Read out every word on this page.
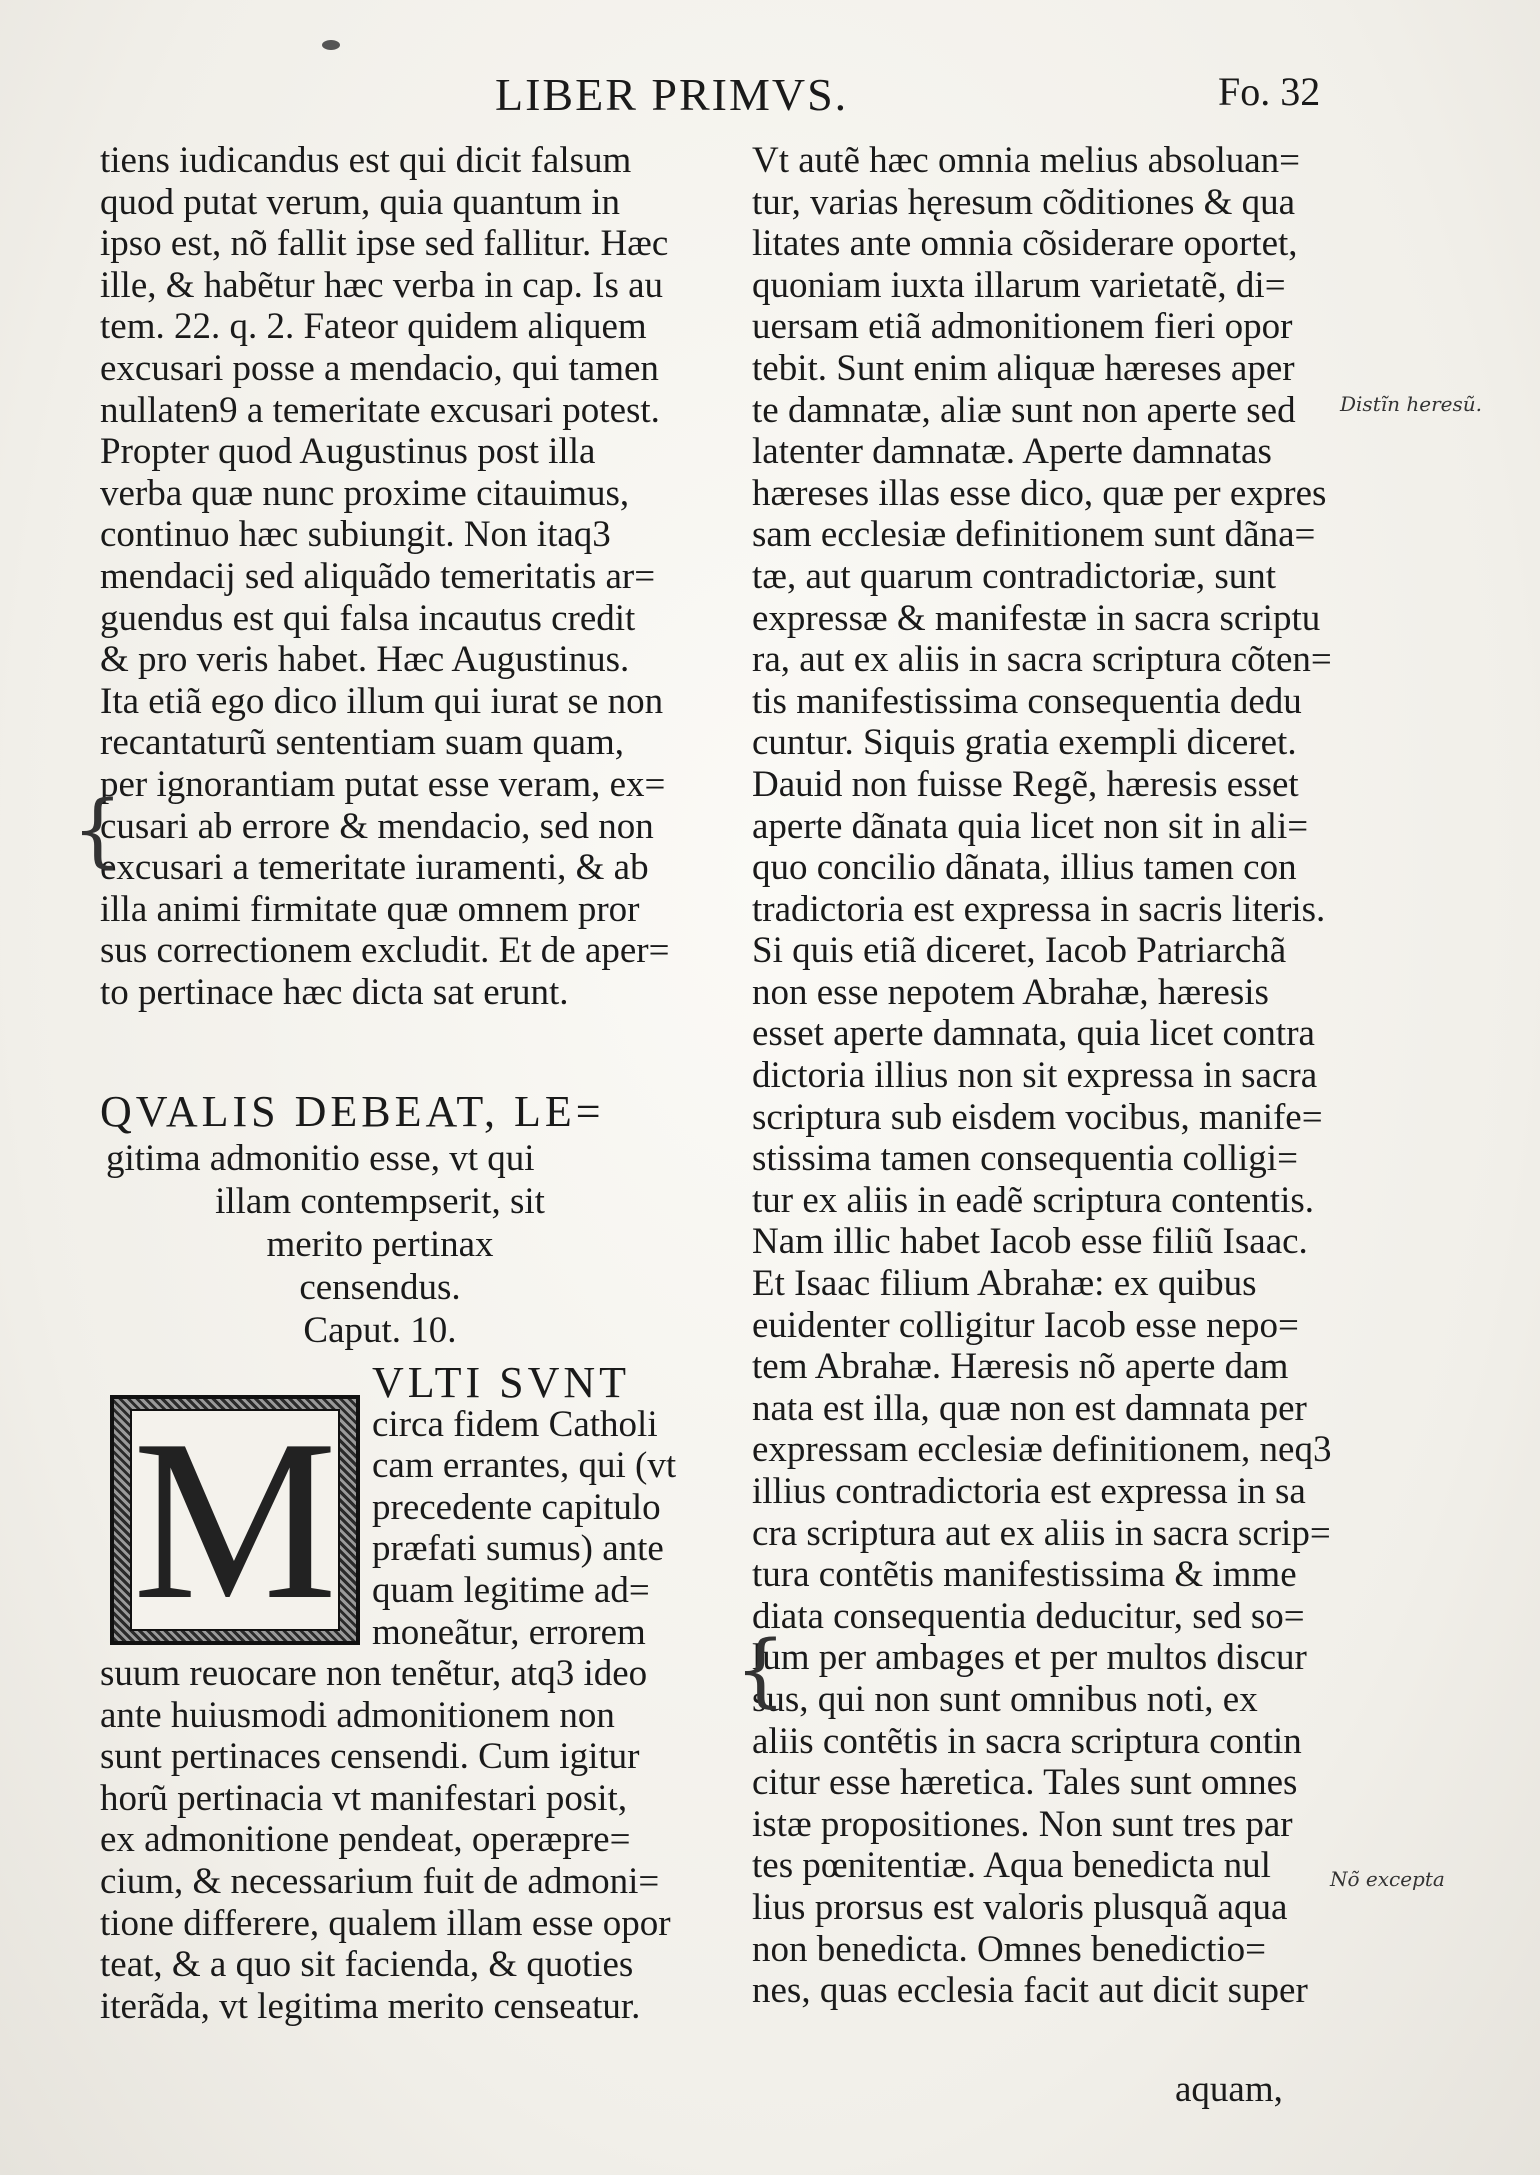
LIBER PRIMVS.	Fo. 32
tiens iudicandus est qui dicit falsum
quod putat verum, quia quantum in
ipso est, nõ fallit ipse sed fallitur. Hæc
ille, & habẽtur hæc verba in cap. Is au
tem. 22. q. 2. Fateor quidem aliquem
excusari posse a mendacio, qui tamen
nullaten9 a temeritate excusari potest.
Propter quod Augustinus post illa
verba quæ nunc proxime citauimus,
continuo hæc subiungit. Non itaq3
mendacij sed aliquãdo temeritatis ar=
guendus est qui falsa incautus credit
& pro veris habet. Hæc Augustinus.
Ita etiã ego dico illum qui iurat se non
recantaturũ sententiam suam quam,
per ignorantiam putat esse veram, ex=
cusari ab errore & mendacio, sed non
excusari a temeritate iuramenti, & ab
illa animi firmitate quæ omnem pror
sus correctionem excludit. Et de aper=
to pertinace hæc dicta sat erunt.
{
QVALIS DEBEAT, LE=
gitima admonitio esse, vt qui
illam contempserit, sit
merito pertinax
censendus.
Caput. 10.
M
VLTI SVNT
circa fidem Catholi
cam errantes, qui (vt
precedente capitulo
præfati sumus) ante
quam legitime ad=
moneãtur, errorem
suum reuocare non tenẽtur, atq3 ideo
ante huiusmodi admonitionem non
sunt pertinaces censendi. Cum igitur
horũ pertinacia vt manifestari posit,
ex admonitione pendeat, operæpre=
cium, & necessarium fuit de admoni=
tione differere, qualem illam esse opor
teat, & a quo sit facienda, & quoties
iterãda, vt legitima merito censeatur.
Vt autẽ hæc omnia melius absoluan=
tur, varias hęresum cõditiones & qua
litates ante omnia cõsiderare oportet,
quoniam iuxta illarum varietatẽ, di=
uersam etiã admonitionem fieri opor
tebit. Sunt enim aliquæ hæreses aper
te damnatæ, aliæ sunt non aperte sed
latenter damnatæ. Aperte damnatas
hæreses illas esse dico, quæ per expres
sam ecclesiæ definitionem sunt dãna=
tæ, aut quarum contradictoriæ, sunt
expressæ & manifestæ in sacra scriptu
ra, aut ex aliis in sacra scriptura cõten=
tis manifestissima consequentia dedu
cuntur. Siquis gratia exempli diceret.
Dauid non fuisse Regẽ, hæresis esset
aperte dãnata quia licet non sit in ali=
quo concilio dãnata, illius tamen con
tradictoria est expressa in sacris literis.
Si quis etiã diceret, Iacob Patriarchã
non esse nepotem Abrahæ, hæresis
esset aperte damnata, quia licet contra
dictoria illius non sit expressa in sacra
scriptura sub eisdem vocibus, manife=
stissima tamen consequentia colligi=
tur ex aliis in eadẽ scriptura contentis.
Nam illic habet Iacob esse filiũ Isaac.
Et Isaac filium Abrahæ: ex quibus
euidenter colligitur Iacob esse nepo=
tem Abrahæ. Hæresis nõ aperte dam
nata est illa, quæ non est damnata per
expressam ecclesiæ definitionem, neq3
illius contradictoria est expressa in sa
cra scriptura aut ex aliis in sacra scrip=
tura contẽtis manifestissima & imme
diata consequentia deducitur, sed so=
lum per ambages et per multos discur
sus, qui non sunt omnibus noti, ex
aliis contẽtis in sacra scriptura contin
citur esse hæretica. Tales sunt omnes
istæ propositiones. Non sunt tres par
tes pœnitentiæ. Aqua benedicta nul
lius prorsus est valoris plusquã aqua
non benedicta. Omnes benedictio=
nes, quas ecclesia facit aut dicit super
{
aquam,
Distĩn heresũ.
Nõ excepta
